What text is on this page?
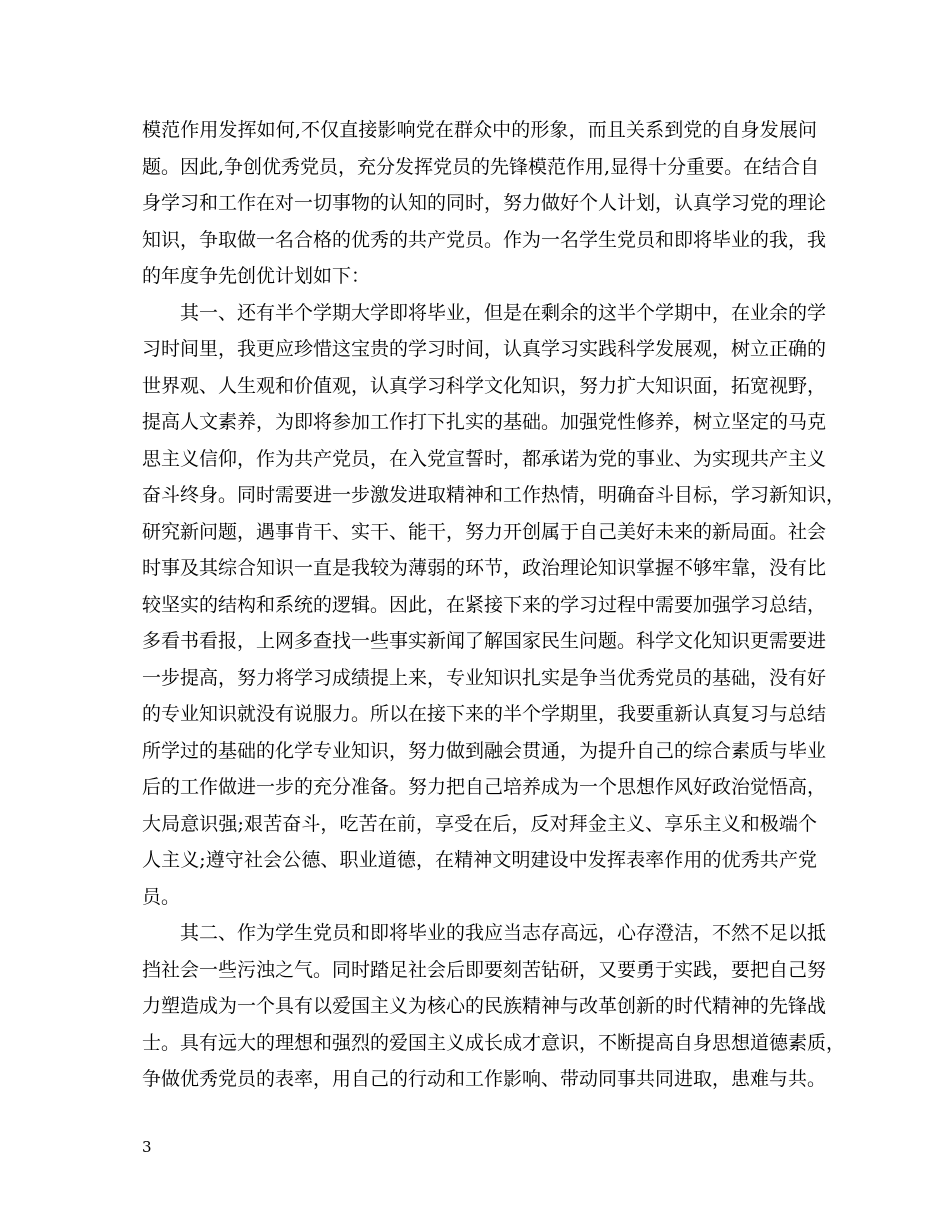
模范作用发挥如何,不仅直接影响党在群众中的形象，而且关系到党的自身发展问
题。因此,争创优秀党员，充分发挥党员的先锋模范作用,显得十分重要。在结合自
身学习和工作在对一切事物的认知的同时，努力做好个人计划，认真学习党的理论
知识，争取做一名合格的优秀的共产党员。作为一名学生党员和即将毕业的我，我
的年度争先创优计划如下：
其一、还有半个学期大学即将毕业，但是在剩余的这半个学期中，在业余的学
习时间里，我更应珍惜这宝贵的学习时间，认真学习实践科学发展观，树立正确的
世界观、人生观和价值观，认真学习科学文化知识，努力扩大知识面，拓宽视野，
提高人文素养，为即将参加工作打下扎实的基础。加强党性修养，树立坚定的马克
思主义信仰，作为共产党员，在入党宣誓时，都承诺为党的事业、为实现共产主义
奋斗终身。同时需要进一步激发进取精神和工作热情，明确奋斗目标，学习新知识，
研究新问题，遇事肯干、实干、能干，努力开创属于自己美好未来的新局面。社会
时事及其综合知识一直是我较为薄弱的环节，政治理论知识掌握不够牢靠，没有比
较坚实的结构和系统的逻辑。因此，在紧接下来的学习过程中需要加强学习总结，
多看书看报，上网多查找一些事实新闻了解国家民生问题。科学文化知识更需要进
一步提高，努力将学习成绩提上来，专业知识扎实是争当优秀党员的基础，没有好
的专业知识就没有说服力。所以在接下来的半个学期里，我要重新认真复习与总结
所学过的基础的化学专业知识，努力做到融会贯通，为提升自己的综合素质与毕业
后的工作做进一步的充分准备。努力把自己培养成为一个思想作风好政治觉悟高，
大局意识强;艰苦奋斗，吃苦在前，享受在后，反对拜金主义、享乐主义和极端个
人主义;遵守社会公德、职业道德，在精神文明建设中发挥表率作用的优秀共产党
员。
其二、作为学生党员和即将毕业的我应当志存高远，心存澄洁，不然不足以抵
挡社会一些污浊之气。同时踏足社会后即要刻苦钻研，又要勇于实践，要把自己努
力塑造成为一个具有以爱国主义为核心的民族精神与改革创新的时代精神的先锋战
士。具有远大的理想和强烈的爱国主义成长成才意识，不断提高自身思想道德素质，
争做优秀党员的表率，用自己的行动和工作影响、带动同事共同进取，患难与共。
3
